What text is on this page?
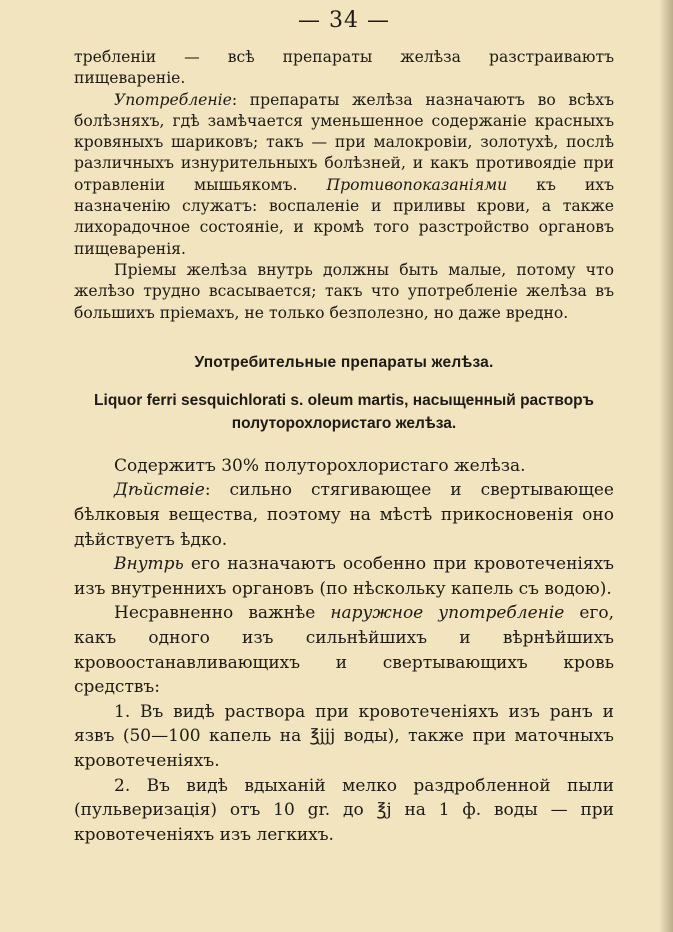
— 34 —

требленіи — всѣ препараты желѣза разстраиваютъ пищевареніе.

Употребленіе: препараты желѣза назначаютъ во всѣхъ болѣзняхъ, гдѣ замѣчается уменьшенное содержаніе красныхъ кровяныхъ шариковъ; такъ — при малокровіи, золотухѣ, послѣ различныхъ изнурительныхъ болѣзней, и какъ противоядіе при отравленіи мышьякомъ. Противопоказаніями къ ихъ назначенію служатъ: воспаленіе и приливы крови, а также лихорадочное состояніе, и кромѣ того разстройство органовъ пищеваренія.

Пріемы желѣза внутрь должны быть малые, потому что желѣзо трудно всасывается; такъ что употребленіе желѣза въ большихъ пріемахъ, не только безполезно, но даже вредно.

Употребительные препараты желѣза.
Liquor ferri sesquichlorati s. oleum martis, насыщенный растворъ полуторохлористаго желѣза.

Содержитъ 30% полуторохлористаго желѣза.

Дѣйствіе: сильно стягивающее и свертывающее бѣлковыя вещества, поэтому на мѣстѣ прикосновенія оно дѣйствуетъ ѣдко.

Внутрь его назначаютъ особенно при кровотеченіяхъ изъ внутреннихъ органовъ (по нѣскольку капель съ водою).

Несравненно важнѣе наружное употребленіе его, какъ одного изъ сильнѣйшихъ и вѣрнѣйшихъ кровоостанавливающихъ и свертывающихъ кровь средствъ:

1. Въ видѣ раствора при кровотеченіяхъ изъ ранъ и язвъ (50—100 капель на ℥jjj воды), также при маточныхъ кровотеченіяхъ.

2. Въ видѣ вдыханій мелко раздробленной пыли (пульверизація) отъ 10 gr. до ℥j на 1 ф. воды — при кровотеченіяхъ изъ легкихъ.
